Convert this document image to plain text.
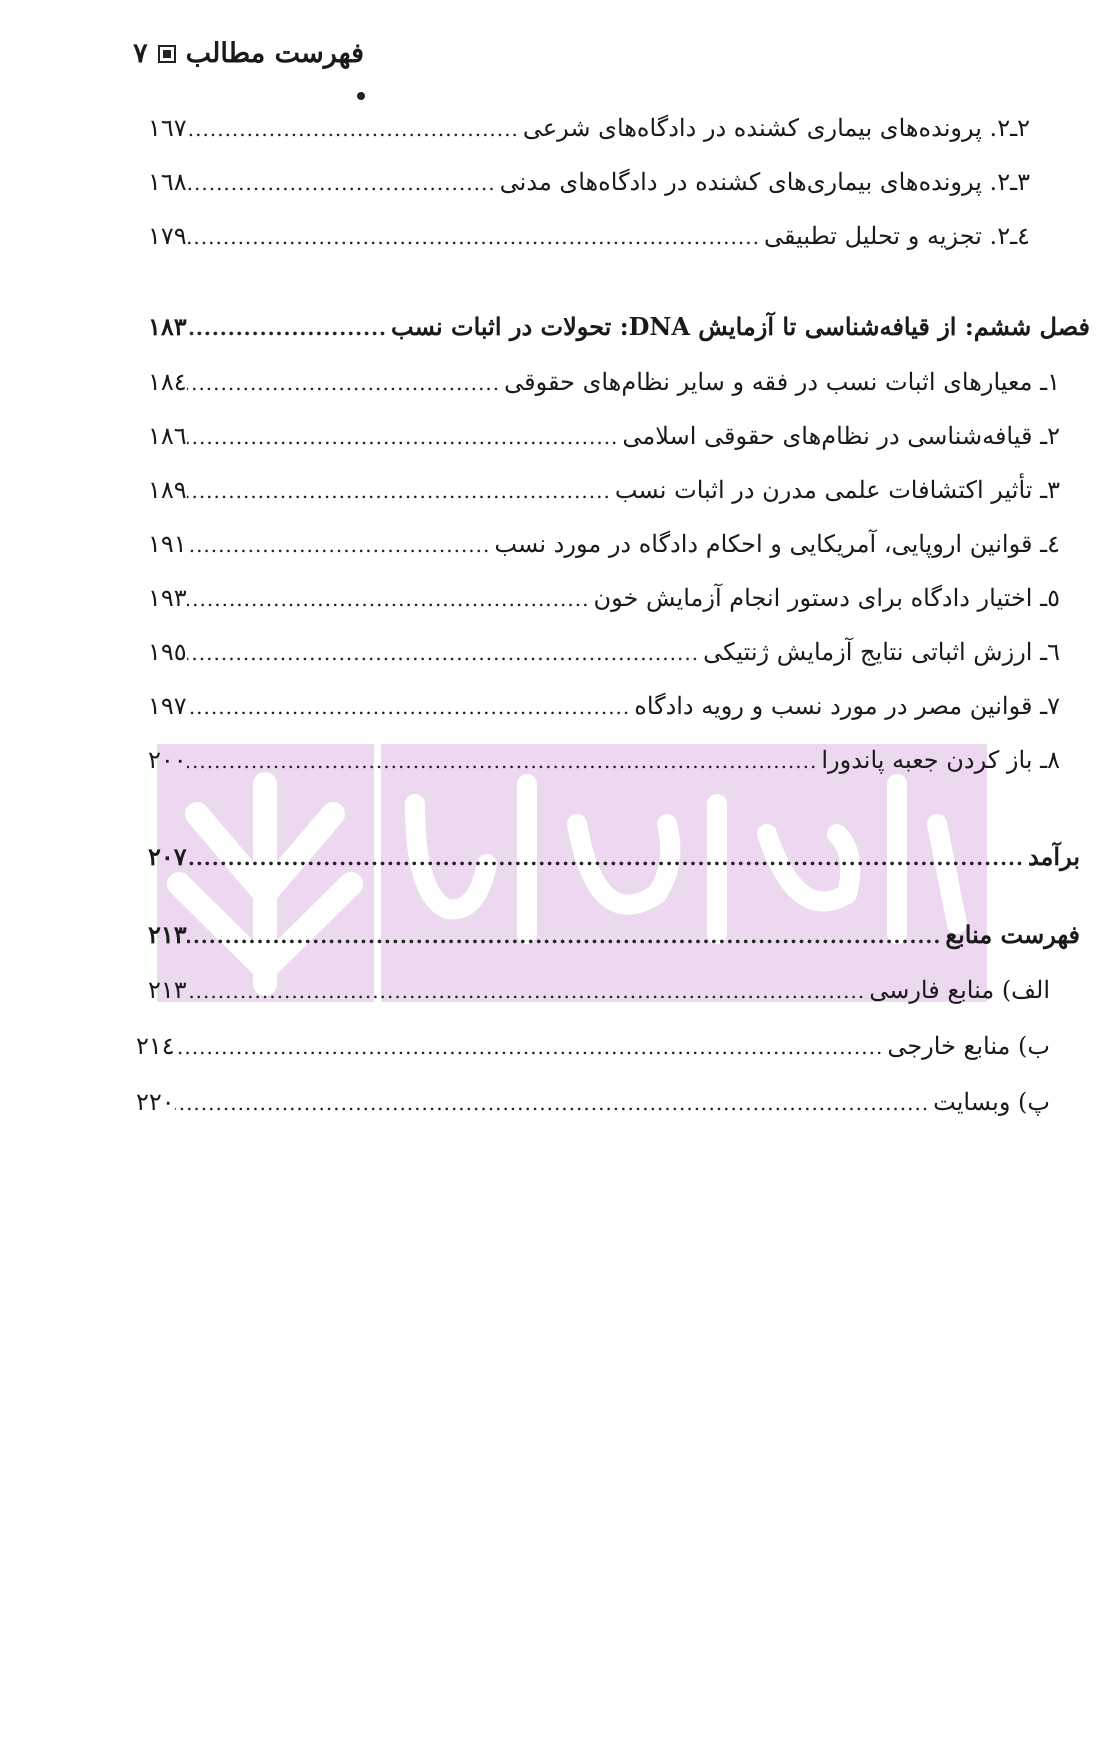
دادبازار
فهرست مطالب
٧
٢ـ٢. پرونده‌های بیماری کشنده در دادگاه‌های شرعی
.....
١٦٧
٣ـ٢. پرونده‌های بیماری‌های کشنده در دادگاه‌های مدنی
.....
١٦٨
٤ـ٢. تجزیه و تحلیل تطبیقی
.....
١٧٩
فصل ششم: از قیافه‌شناسی تا آزمایش DNA: تحولات در اثبات نسب
.....
١٨٣
١ـ معیارهای اثبات نسب در فقه و سایر نظام‌های حقوقی
.....
١٨٤
٢ـ قیافه‌شناسی در نظام‌های حقوقی اسلامی
.....
١٨٦
٣ـ تأثیر اکتشافات علمی مدرن در اثبات نسب
.....
١٨٩
٤ـ قوانین اروپایی، آمریکایی و احکام دادگاه در مورد نسب
.....
١٩١
٥ـ اختیار دادگاه برای دستور انجام آزمایش خون
.....
١٩٣
٦ـ ارزش اثباتی نتایج آزمایش ژنتیکی
.....
١٩٥
٧ـ قوانین مصر در مورد نسب و رویه دادگاه
.....
١٩٧
٨ـ باز کردن جعبه پاندورا
.....
٢٠٠
برآمد
.....
٢٠٧
فهرست منابع
.....
٢١٣
الف) منابع فارسی
.....
٢١٣
ب) منابع خارجی
.....
٢١٤
پ) وبسایت
.....
٢٢٠
